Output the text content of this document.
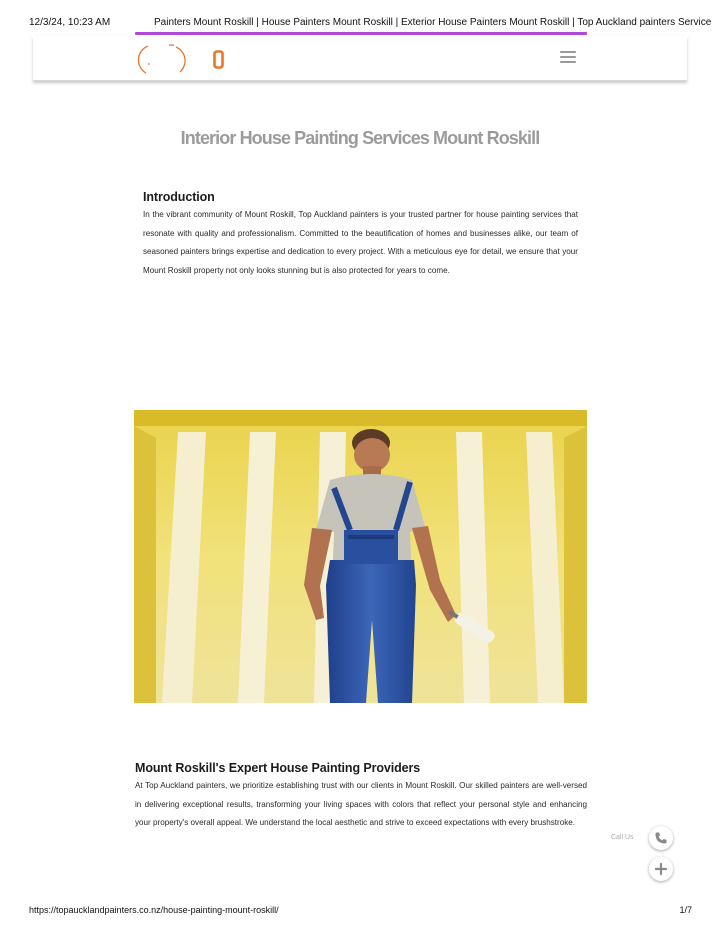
12/3/24, 10:23 AM	Painters Mount Roskill | House Painters Mount Roskill | Exterior House Painters Mount Roskill | Top Auckland painters Service
Interior House Painting Services Mount Roskill
Introduction

In the vibrant community of Mount Roskill, Top Auckland painters is your trusted partner for house painting services that resonate with quality and professionalism. Committed to the beautification of homes and businesses alike, our team of seasoned painters brings expertise and dedication to every project. With a meticulous eye for detail, we ensure that your Mount Roskill property not only looks stunning but is also protected for years to come.

Mount Roskill's Expert House Painting Providers

At Top Auckland painters, we prioritize establishing trust with our clients in Mount Roskill. Our skilled painters are well-versed in delivering exceptional results, transforming your living spaces with colors that reflect your personal style and enhancing your property's overall appeal. We understand the local aesthetic and strive to exceed expectations with every brushstroke.

Call Us
https://topaucklandpainters.co.nz/house-painting-mount-roskill/	1/7
